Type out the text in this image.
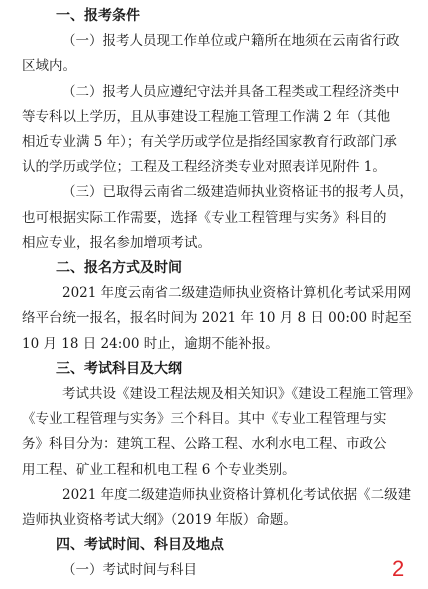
一、报考条件
（一）报考人员现工作单位或户籍所在地须在云南省行政
区域内。
（二）报考人员应遵纪守法并具备工程类或工程经济类中
等专科以上学历，且从事建设工程施工管理工作满 2 年（其他
相近专业满 5 年）；有关学历或学位是指经国家教育行政部门承
认的学历或学位；工程及工程经济类专业对照表详见附件 1。
（三）已取得云南省二级建造师执业资格证书的报考人员，
也可根据实际工作需要，选择《专业工程管理与实务》科目的
相应专业，报名参加增项考试。
二、报名方式及时间
2021 年度云南省二级建造师执业资格计算机化考试采用网
络平台统一报名，报名时间为 2021 年 10 月 8 日 00:00 时起至
10 月 18 日 24:00 时止，逾期不能补报。
三、考试科目及大纲
考试共设《建设工程法规及相关知识》《建设工程施工管理》
《专业工程管理与实务》三个科目。其中《专业工程管理与实
务》科目分为：建筑工程、公路工程、水利水电工程、市政公
用工程、矿业工程和机电工程 6 个专业类别。
2021 年度二级建造师执业资格计算机化考试依据《二级建
造师执业资格考试大纲》（2019 年版）命题。
四、考试时间、科目及地点
（一）考试时间与科目	2
